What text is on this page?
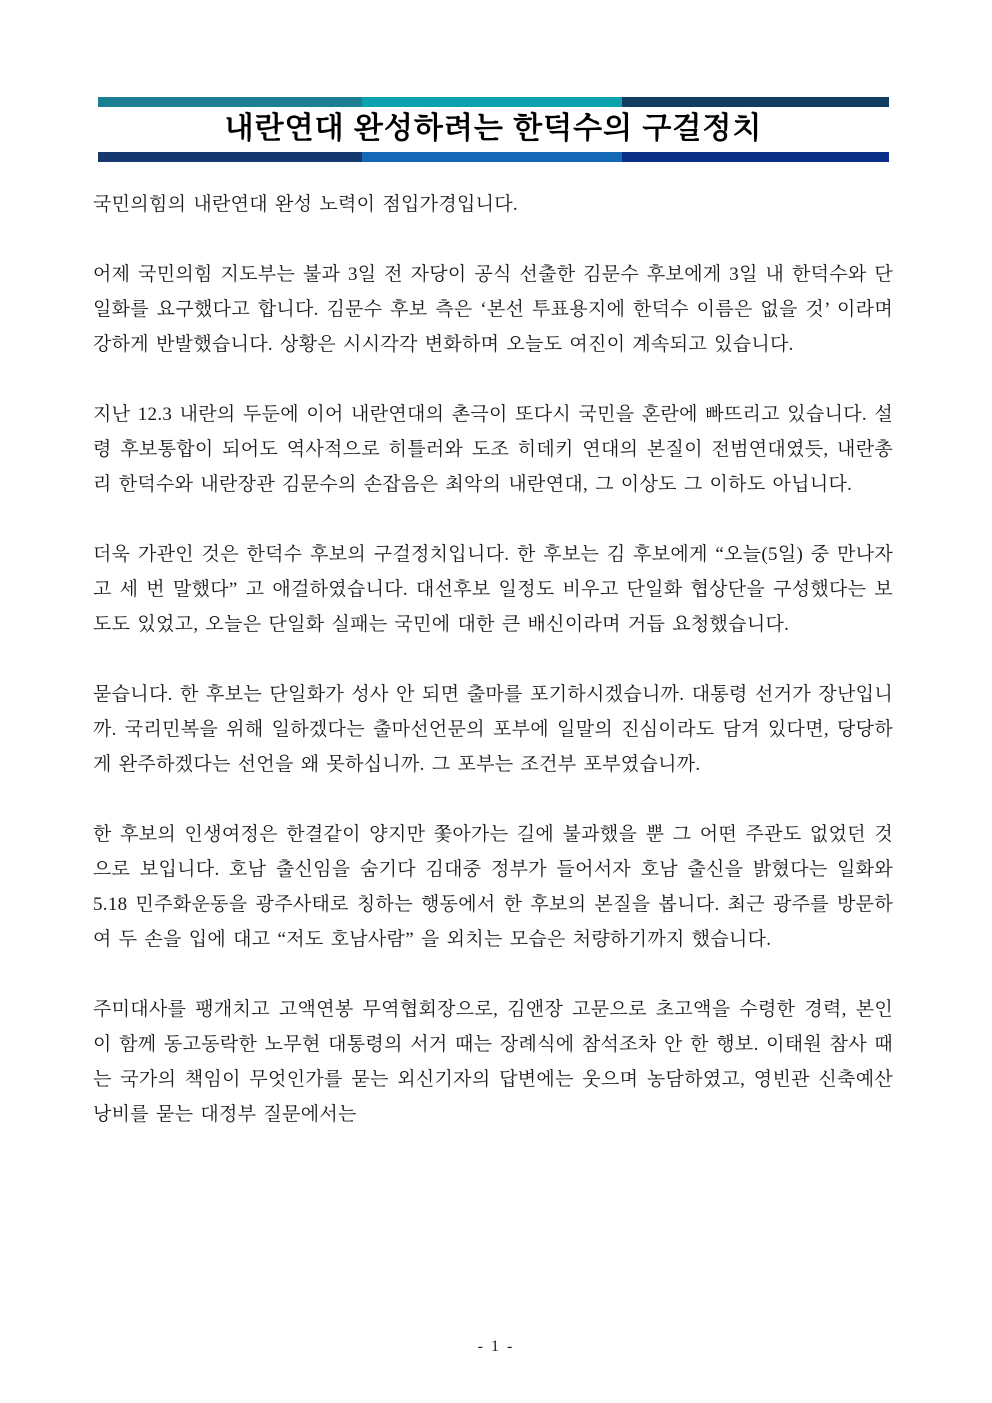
내란연대 완성하려는 한덕수의 구걸정치

국민의힘의 내란연대 완성 노력이 점입가경입니다.

어제 국민의힘 지도부는 불과 3일 전 자당이 공식 선출한 김문수 후보에게 3일 내 한덕수와 단일화를 요구했다고 합니다. 김문수 후보 측은 ‘본선 투표용지에 한덕수 이름은 없을 것’ 이라며 강하게 반발했습니다. 상황은 시시각각 변화하며 오늘도 여진이 계속되고 있습니다.

지난 12.3 내란의 두둔에 이어 내란연대의 촌극이 또다시 국민을 혼란에 빠뜨리고 있습니다. 설령 후보통합이 되어도 역사적으로 히틀러와 도조 히데키 연대의 본질이 전범연대였듯, 내란총리 한덕수와 내란장관 김문수의 손잡음은 최악의 내란연대, 그 이상도 그 이하도 아닙니다.

더욱 가관인 것은 한덕수 후보의 구걸정치입니다. 한 후보는 김 후보에게 “오늘(5일) 중 만나자고 세 번 말했다” 고 애걸하였습니다. 대선후보 일정도 비우고 단일화 협상단을 구성했다는 보도도 있었고, 오늘은 단일화 실패는 국민에 대한 큰 배신이라며 거듭 요청했습니다.

묻습니다. 한 후보는 단일화가 성사 안 되면 출마를 포기하시겠습니까. 대통령 선거가 장난입니까. 국리민복을 위해 일하겠다는 출마선언문의 포부에 일말의 진심이라도 담겨 있다면, 당당하게 완주하겠다는 선언을 왜 못하십니까. 그 포부는 조건부 포부였습니까.

한 후보의 인생여정은 한결같이 양지만 쫓아가는 길에 불과했을 뿐 그 어떤 주관도 없었던 것으로 보입니다. 호남 출신임을 숨기다 김대중 정부가 들어서자 호남 출신을 밝혔다는 일화와 5.18 민주화운동을 광주사태로 칭하는 행동에서 한 후보의 본질을 봅니다. 최근 광주를 방문하여 두 손을 입에 대고 “저도 호남사람” 을 외치는 모습은 처량하기까지 했습니다.

주미대사를 팽개치고 고액연봉 무역협회장으로, 김앤장 고문으로 초고액을 수령한 경력, 본인이 함께 동고동락한 노무현 대통령의 서거 때는 장례식에 참석조차 안 한 행보. 이태원 참사 때는 국가의 책임이 무엇인가를 묻는 외신기자의 답변에는 웃으며 농담하였고, 영빈관 신축예산 낭비를 묻는 대정부 질문에서는

- 1 -
